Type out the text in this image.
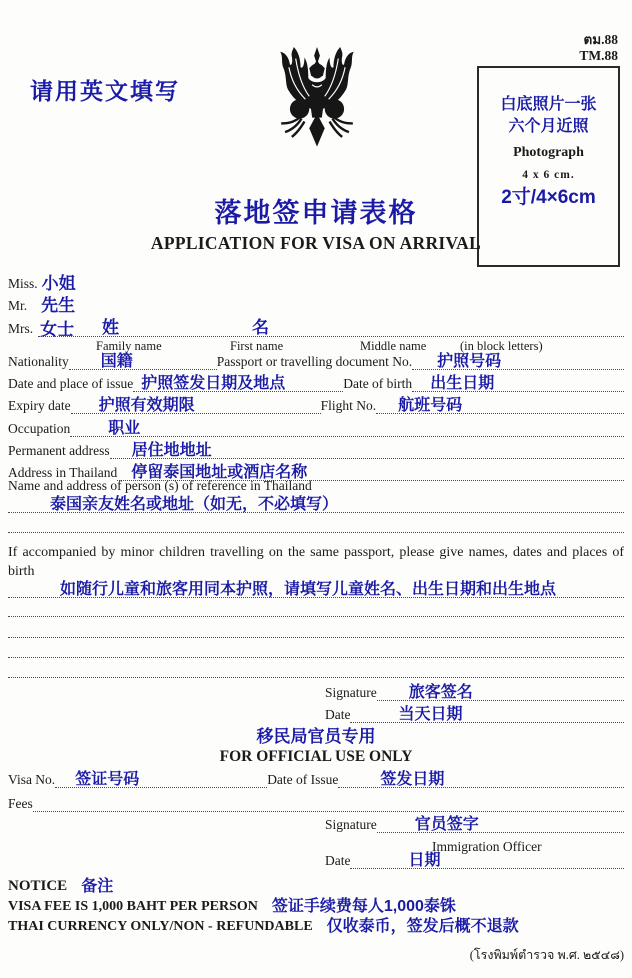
ตม.88
TM.88
请用英文填写
白底照片一张
六个月近照
Photograph
4 x 6 cm.
2寸/4×6cm
落地签申请表格
APPLICATION FOR VISA ON ARRIVAL
Miss. 小姐
Mr. 先生
Mrs. 女士 姓	名
Family name	First name	Middle name	(in block letters)
Nationality	国籍	Passport or travelling document No.	护照号码
Date and place of issue 护照签发日期及地点	Date of birth	出生日期
Expiry date	护照有效期限	Flight No.	航班号码
Occupation	职业
Permanent address	居住地地址
Address in Thailand 停留泰国地址或酒店名称
Name and address of person (s) of reference in Thailand
泰国亲友姓名或地址（如无，不必填写）
If accompanied by minor children travelling on the same passport, please give names, dates and places of birth
如随行儿童和旅客用同本护照，请填写儿童姓名、出生日期和出生地点
Signature	旅客签名
Date	当天日期
移民局官员专用
FOR OFFICIAL USE ONLY
Visa No.	签证号码	Date of Issue	签发日期
Fees
Signature	官员签字
Immigration Officer
Date	日期
NOTICE 备注
VISA FEE IS 1,000 BAHT PER PERSON 签证手续费每人1,000泰铢
THAI CURRENCY ONLY/NON - REFUNDABLE 仅收泰币，签发后概不退款
(โรงพิมพ์ตำรวจ พ.ศ. ๒๕๔๘)
